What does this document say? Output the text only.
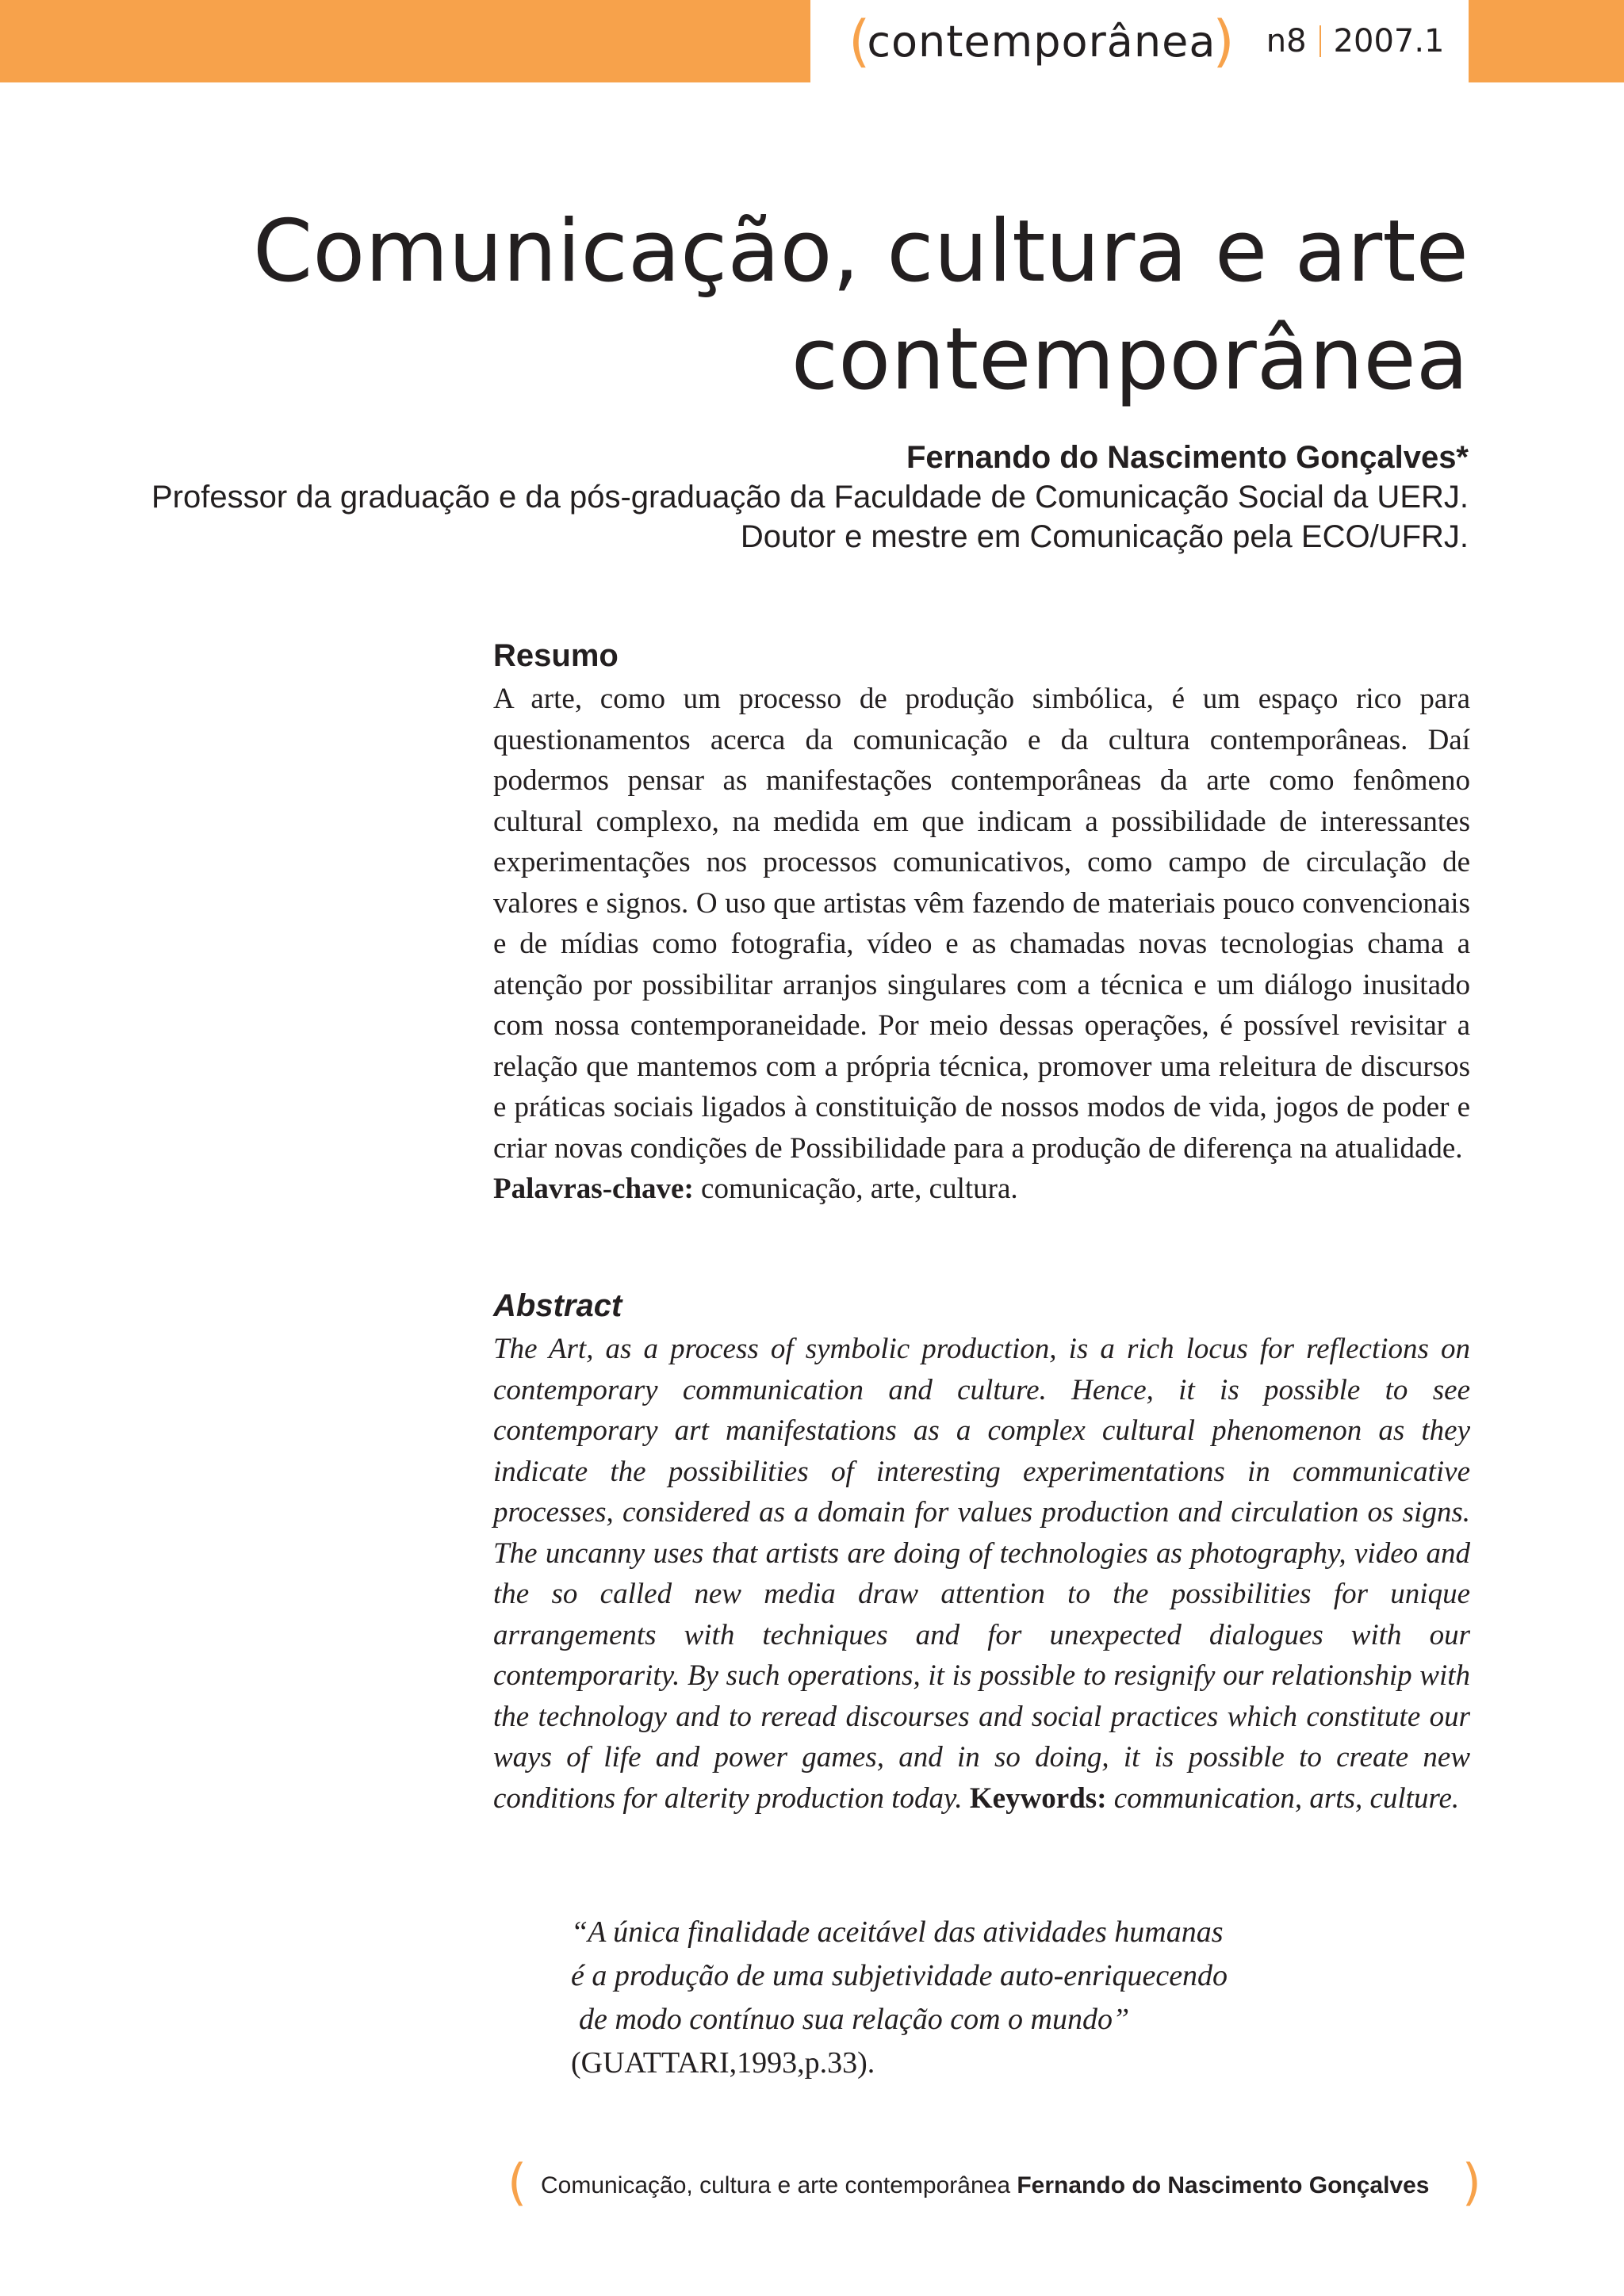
(
contemporânea
) n8 2007.1
Comunicação, cultura e arte
contemporânea

Fernando do Nascimento Gonçalves*

Professor da graduação e da pós-graduação da Faculdade de Comunicação Social da UERJ.

Doutor e mestre em Comunicação pela ECO/UFRJ.

Resumo

A arte, como um processo de produção simbólica, é um espaço rico para questionamentos acerca da comunicação e da cultura contemporâneas. Daí podermos pensar as manifestações contemporâneas da arte como fenômeno cultural complexo, na medida em que indicam a possibilidade de interessantes experimentações nos processos comunicativos, como campo de circulação de valores e signos. O uso que artistas vêm fazendo de materiais pouco convencionais e de mídias como fotografia, vídeo e as chamadas novas tecnologias chama a atenção por possibilitar arranjos singulares com a técnica e um diálogo inusitado com nossa contemporaneidade. Por meio dessas operações, é possível revisitar a relação que mantemos com a própria técnica, promover uma releitura de discursos e práticas sociais ligados à constituição de nossos modos de vida, jogos de poder e criar novas condições de Possibilidade para a produção de diferença na atualidade.
Palavras-chave: comunicação, arte, cultura.

Abstract

The Art, as a process of symbolic production, is a rich locus for reflections on contemporary communication and culture. Hence, it is possible to see contemporary art manifestations as a complex cultural phenomenon as they indicate the possibilities of interesting experimentations in communicative processes, considered as a domain for values production and circulation os signs. The uncanny uses that artists are doing of technologies as photography, video and the so called new media draw attention to the possibilities for unique arrangements with techniques and for unexpected dialogues with our contemporarity. By such operations, it is possible to resignify our relationship with the technology and to reread discourses and social practices which constitute our ways of life and power games, and in so doing, it is possible to create new conditions for alterity production today. Keywords: communication, arts, culture.

“A única finalidade aceitável das atividades humanas
é a produção de uma subjetividade auto-enriquecendo
de modo contínuo sua relação com o mundo”
(GUATTARI,1993,p.33).
( Comunicação, cultura e arte contemporânea Fernando do Nascimento Gonçalves )
